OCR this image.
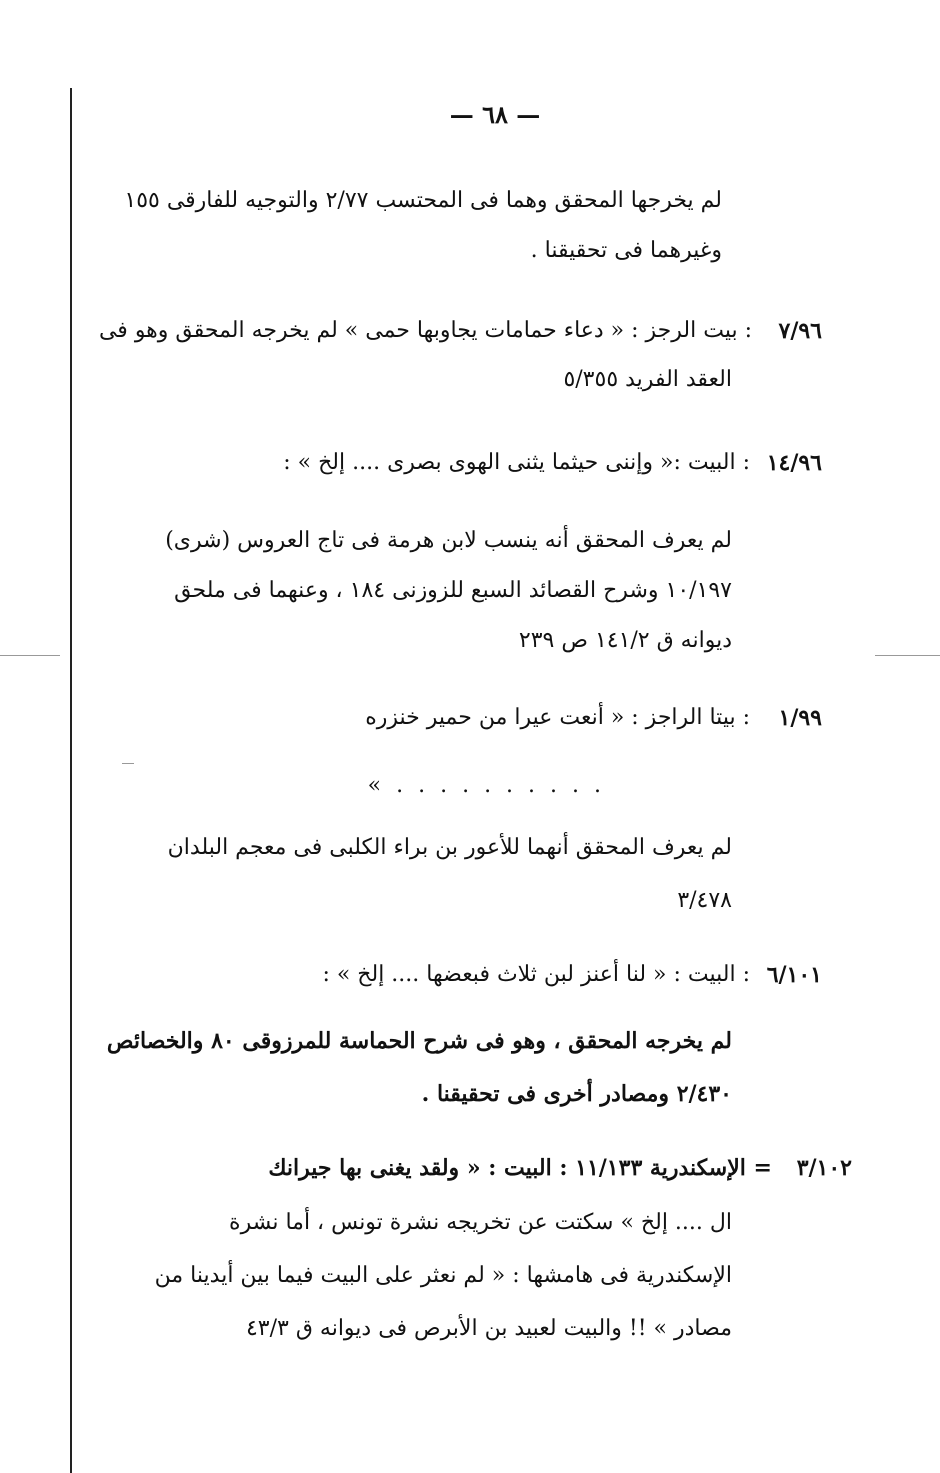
— ٦٨ —
لم يخرجها المحقق وهما فى المحتسب ٢/٧٧ والتوجيه للفارقى ١٥٥
وغيرهما فى تحقيقنا .
٧/٩٦
: بيت الرجز : « دعاء حمامات يجاوبها حمى » لم يخرجه المحقق وهو فى
العقد الفريد ٥/٣٥٥
١٤/٩٦
: البيت :« وإننى حيثما يثنى الهوى بصرى .... إلخ » :
لم يعرف المحقق أنه ينسب لابن هرمة فى تاج العروس (شرى)
١٠/١٩٧ وشرح القصائد السبع للزوزنى ١٨٤ ، وعنهما فى ملحق
ديوانه ق ١٤١/٢ ص ٢٣٩
١/٩٩
: بيتا الراجز : « أنعت عيرا من حمير خنزره
. . . . . . . . . . »
لم يعرف المحقق أنهما للأعور بن براء الكلبى فى معجم البلدان
٣/٤٧٨
٦/١٠١
: البيت : « لنا أعنز لبن ثلاث فبعضها .... إلخ » :
لم يخرجه المحقق ، وهو فى شرح الحماسة للمرزوقى ٨٠ والخصائص
٢/٤٣٠ ومصادر أخرى فى تحقيقنا .
٣/١٠٢
= الإسكندرية ١١/١٣٣ : البيت : « ولقد يغنى بها جيرانك
ال .... إلخ » سكتت عن تخريجه نشرة تونس ، أما نشرة
الإسكندرية فى هامشها : « لم نعثر على البيت فيما بين أيدينا من
مصادر » !! والبيت لعبيد بن الأبرص فى ديوانه ق ٤٣/٣
